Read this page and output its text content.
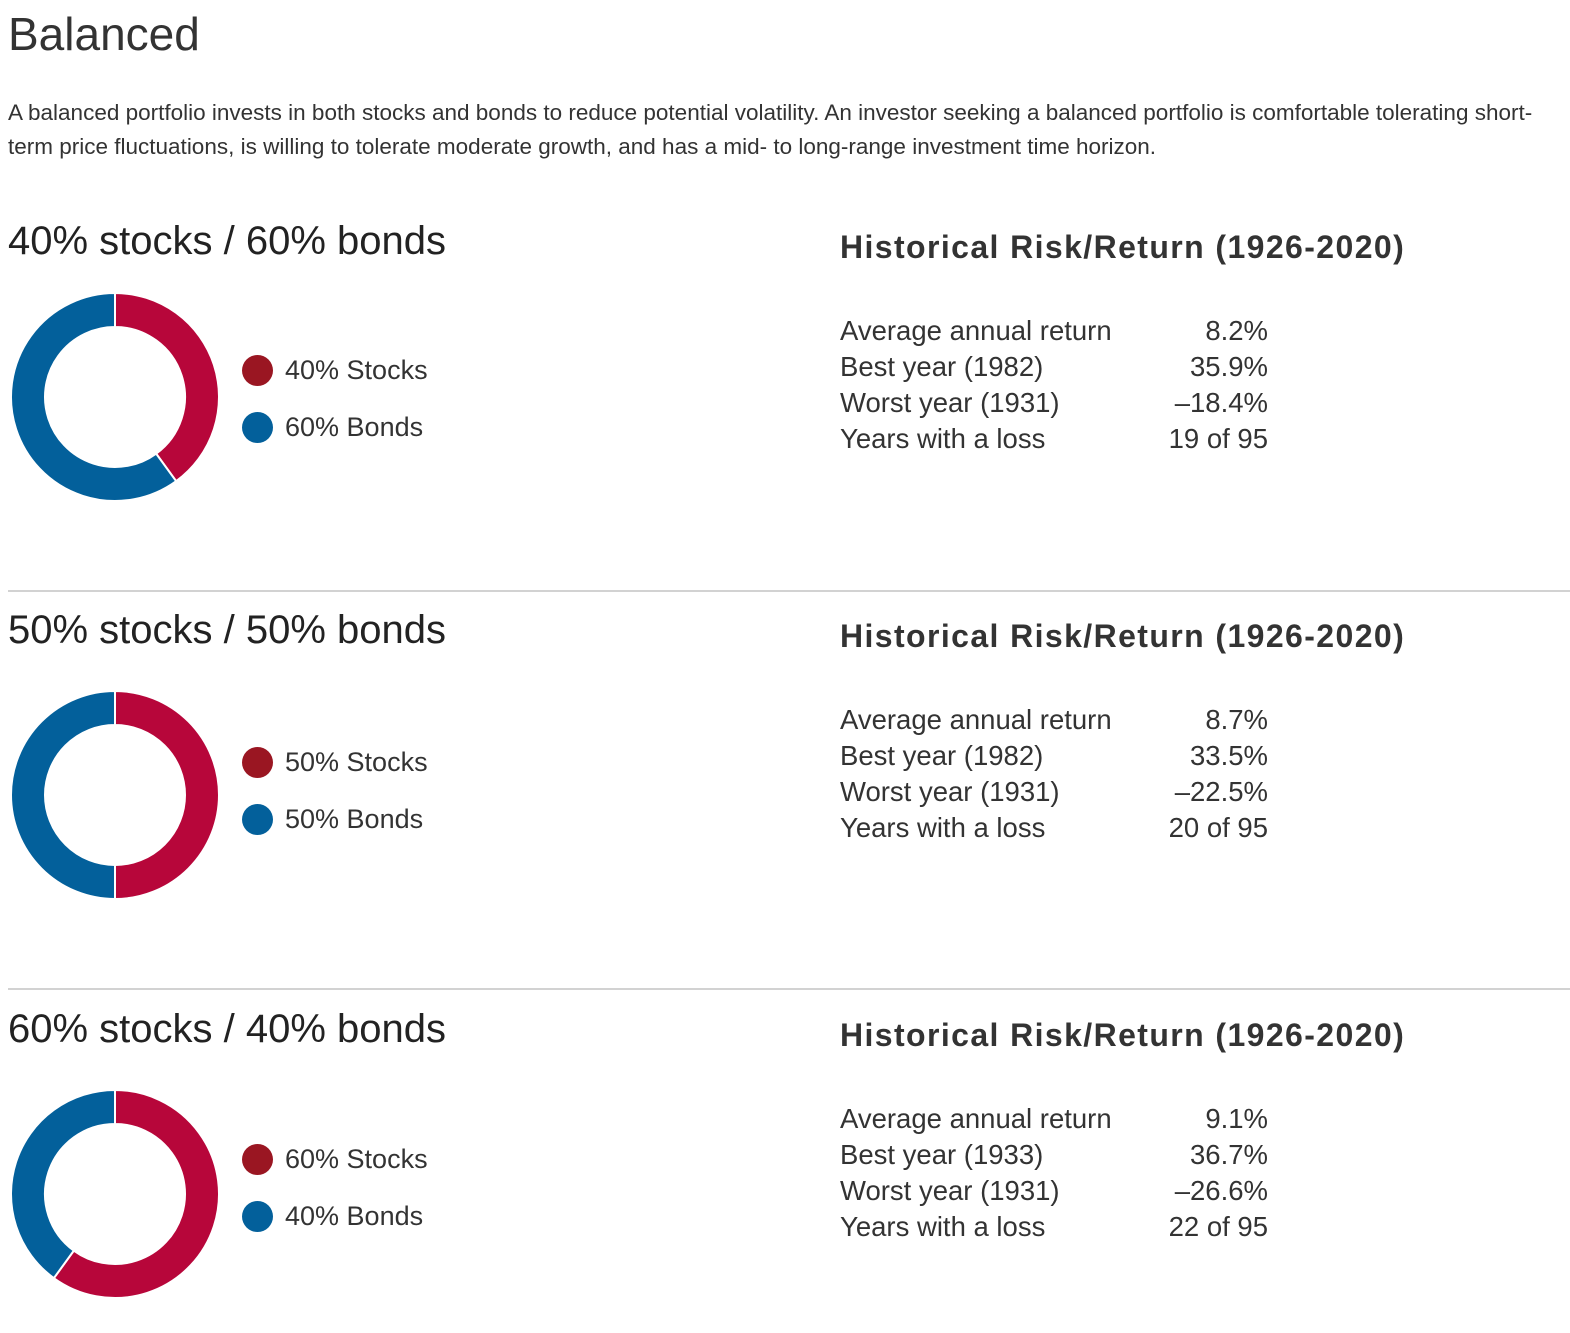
Balanced

A balanced portfolio invests in both stocks and bonds to reduce potential volatility. An investor seeking a balanced portfolio is comfortable tolerating short-term price fluctuations, is willing to tolerate moderate growth, and has a mid- to long-range investment time horizon.

40% stocks / 60% bonds
40% Stocks
60% Bonds
Historical Risk/Return (1926-2020)
Average annual return	8.2%
Best year (1982)	35.9%
Worst year (1931)	–18.4%
Years with a loss	19 of 95
50% stocks / 50% bonds
50% Stocks
50% Bonds
Historical Risk/Return (1926-2020)
Average annual return	8.7%
Best year (1982)	33.5%
Worst year (1931)	–22.5%
Years with a loss	20 of 95
60% stocks / 40% bonds
60% Stocks
40% Bonds
Historical Risk/Return (1926-2020)
Average annual return	9.1%
Best year (1933)	36.7%
Worst year (1931)	–26.6%
Years with a loss	22 of 95
